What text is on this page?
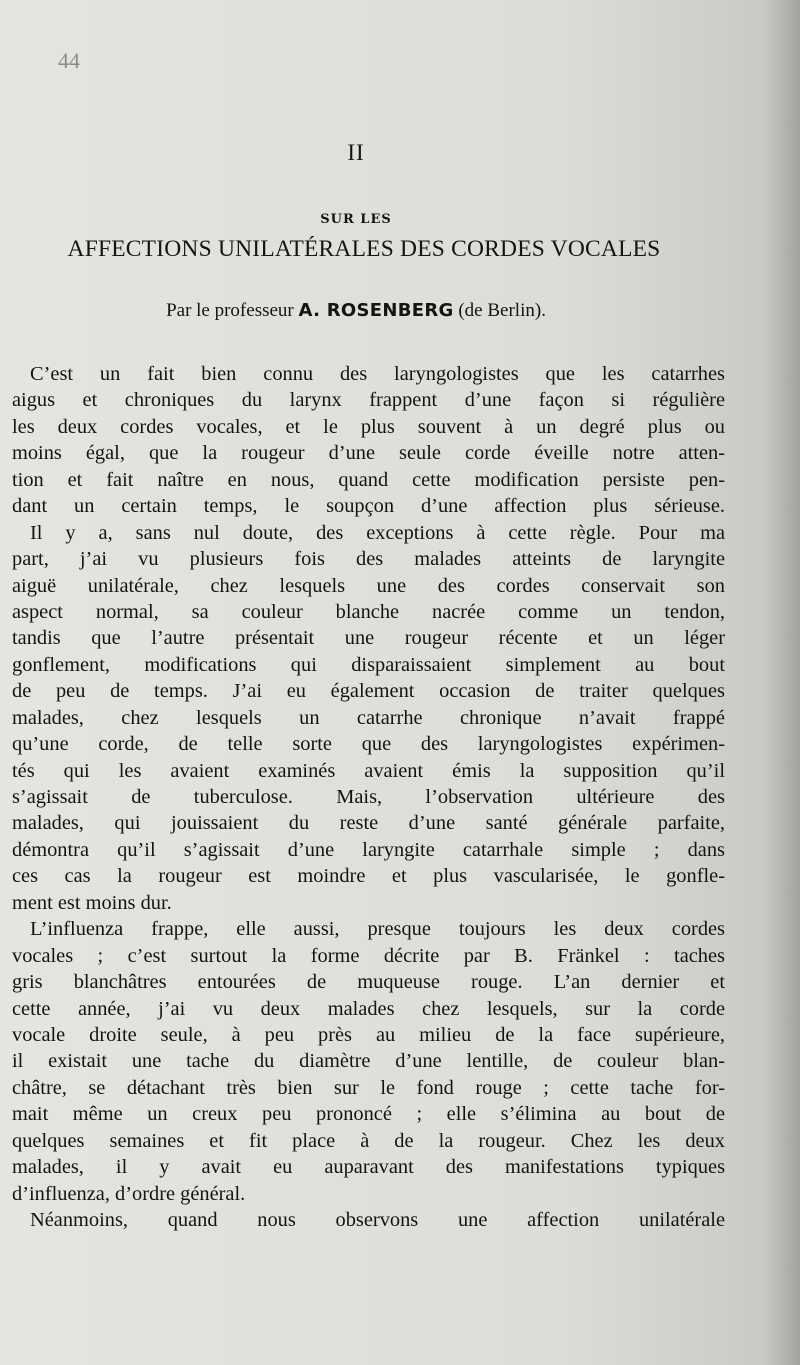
44
II
SUR LES
AFFECTIONS UNILATÉRALES DES CORDES VOCALES
Par le professeur A. ROSENBERG (de Berlin).
C’est un fait bien connu des laryngologistes que les catarrhes
aigus et chroniques du larynx frappent d’une façon si régulière
les deux cordes vocales, et le plus souvent à un degré plus ou
moins égal, que la rougeur d’une seule corde éveille notre atten-
tion et fait naître en nous, quand cette modification persiste pen-
dant un certain temps, le soupçon d’une affection plus sérieuse.
Il y a, sans nul doute, des exceptions à cette règle. Pour ma
part, j’ai vu plusieurs fois des malades atteints de laryngite
aiguë unilatérale, chez lesquels une des cordes conservait son
aspect normal, sa couleur blanche nacrée comme un tendon,
tandis que l’autre présentait une rougeur récente et un léger
gonflement, modifications qui disparaissaient simplement au bout
de peu de temps. J’ai eu également occasion de traiter quelques
malades, chez lesquels un catarrhe chronique n’avait frappé
qu’une corde, de telle sorte que des laryngologistes expérimen-
tés qui les avaient examinés avaient émis la supposition qu’il
s’agissait de tuberculose. Mais, l’observation ultérieure des
malades, qui jouissaient du reste d’une santé générale parfaite,
démontra qu’il s’agissait d’une laryngite catarrhale simple ; dans
ces cas la rougeur est moindre et plus vascularisée, le gonfle-
ment est moins dur.
L’influenza frappe, elle aussi, presque toujours les deux cordes
vocales ; c’est surtout la forme décrite par B. Fränkel : taches
gris blanchâtres entourées de muqueuse rouge. L’an dernier et
cette année, j’ai vu deux malades chez lesquels, sur la corde
vocale droite seule, à peu près au milieu de la face supérieure,
il existait une tache du diamètre d’une lentille, de couleur blan-
châtre, se détachant très bien sur le fond rouge ; cette tache for-
mait même un creux peu prononcé ; elle s’élimina au bout de
quelques semaines et fit place à de la rougeur. Chez les deux
malades, il y avait eu auparavant des manifestations typiques
d’influenza, d’ordre général.
Néanmoins, quand nous observons une affection unilatérale
